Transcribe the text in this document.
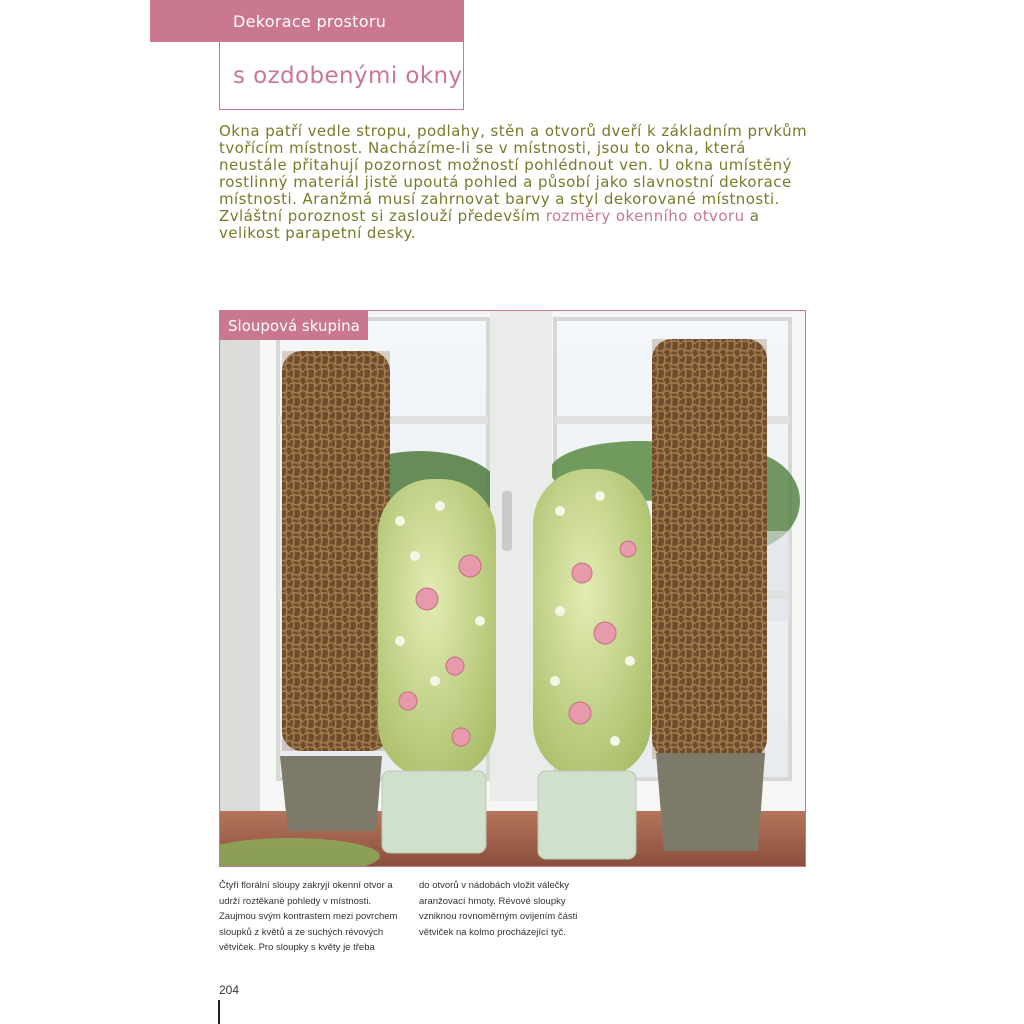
Dekorace prostoru
s ozdobenými okny

Okna patří vedle stropu, podlahy, stěn a otvorů dveří k základním prvkům tvořícím místnost. Nacházíme-li se v místnosti, jsou to okna, která neustále přitahují pozornost možností pohlédnout ven. U okna umístěný rostlinný materiál jistě upoutá pohled a působí jako slavnostní dekorace místnosti. Aranžmá musí zahrnovat barvy a styl dekorované místnosti. Zvláštní poroznost si zaslouží především rozměry okenního otvoru a velikost parapetní desky.

Sloupová skupina
Čtyři florální sloupy zakryjí okenní otvor a udrží roztěkané pohledy v místnosti. Zaujmou svým kontrastem mezi povrchem sloupků z květů a ze suchých révových větviček. Pro sloupky s květy je třeba
do otvorů v nádobách vložit válečky aranžovací hmoty. Révové sloupky vzniknou rovnoměrným ovijením části větviček na kolmo procházející tyč.
204
